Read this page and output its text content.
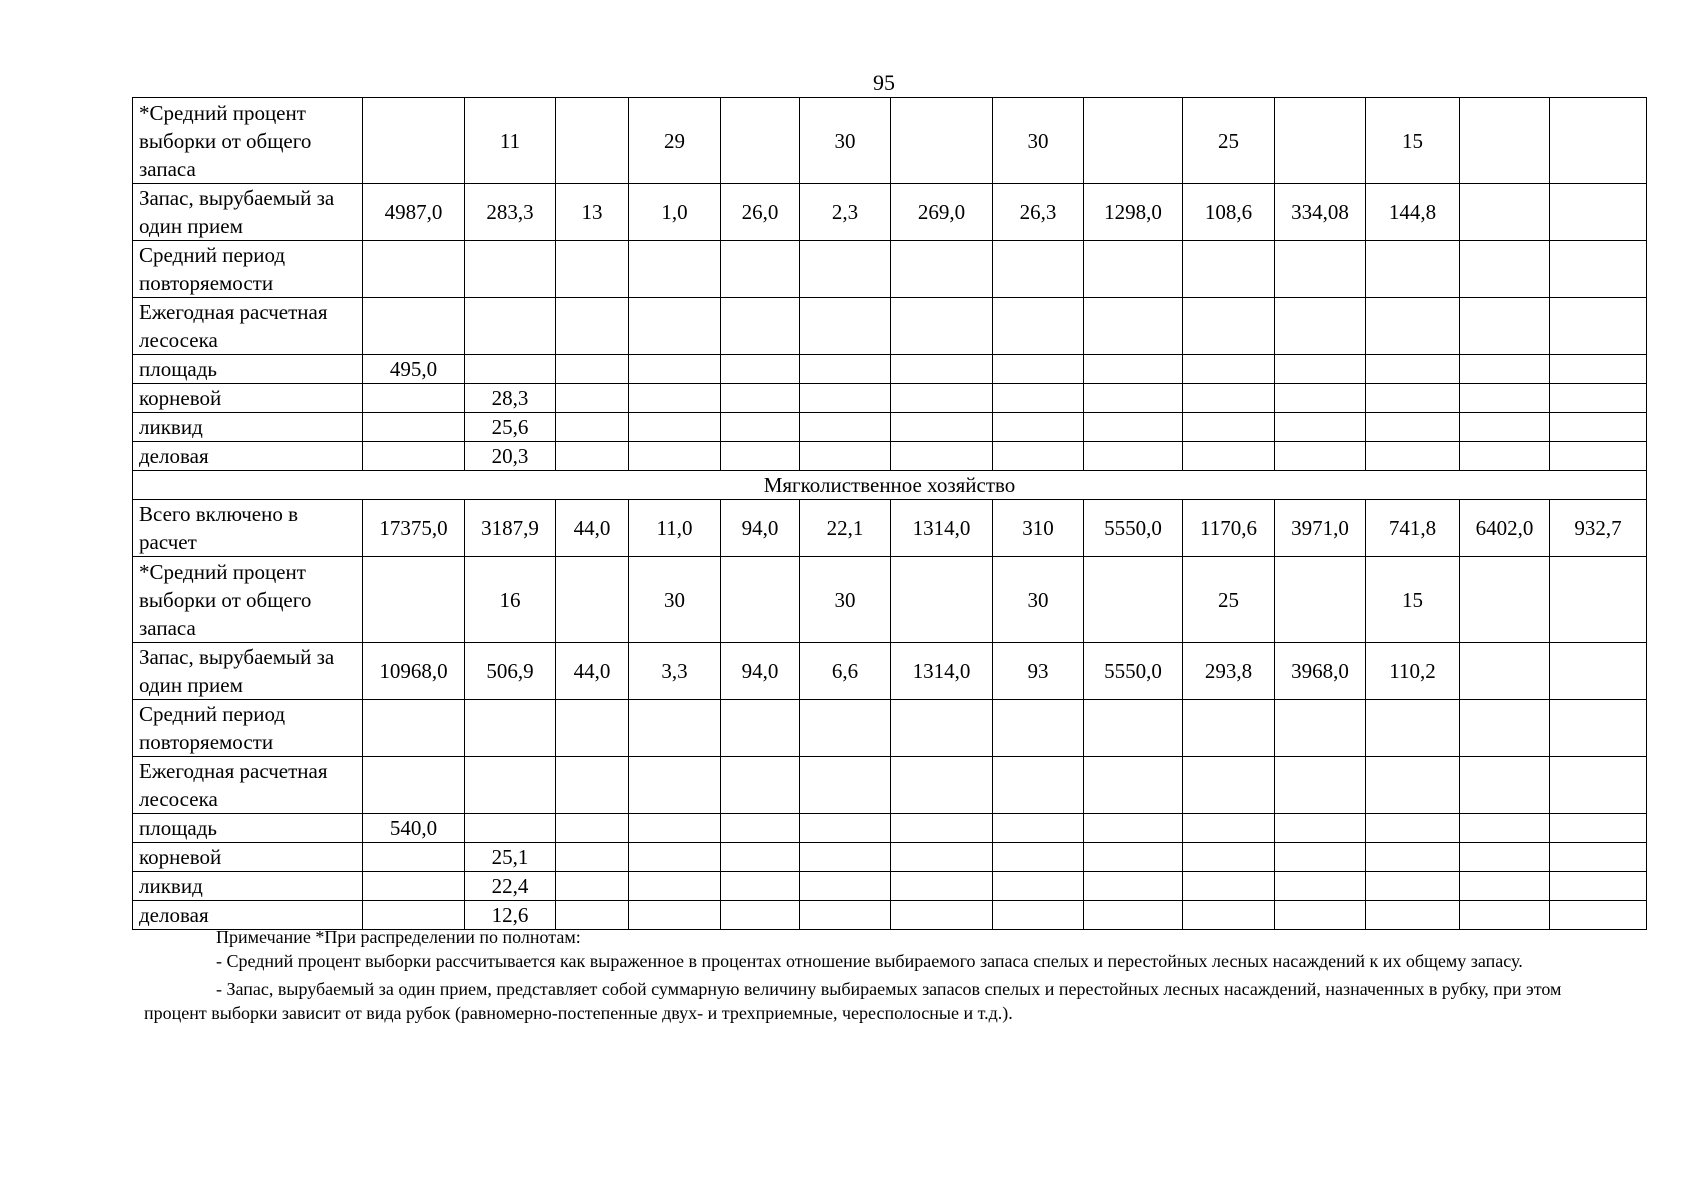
95
*Средний процент выборки от общего запаса		11		29		30		30		25		15		
Запас, вырубаемый за один прием	4987,0	283,3	13	1,0	26,0	2,3	269,0	26,3	1298,0	108,6	334,08	144,8		
Средний период повторяемости														
Ежегодная расчетная лесосека														
площадь	495,0													
корневой		28,3												
ликвид		25,6												
деловая		20,3												
Мягколиственное хозяйство														
Всего включено в расчет	17375,0	3187,9	44,0	11,0	94,0	22,1	1314,0	310	5550,0	1170,6	3971,0	741,8	6402,0	932,7
*Средний процент выборки от общего запаса		16		30		30		30		25		15		
Запас, вырубаемый за один прием	10968,0	506,9	44,0	3,3	94,0	6,6	1314,0	93	5550,0	293,8	3968,0	110,2		
Средний период повторяемости														
Ежегодная расчетная лесосека														
площадь	540,0													
корневой		25,1												
ликвид		22,4												
деловая		12,6												

Примечание *При распределении по полнотам:

- Средний процент выборки рассчитывается как выраженное в процентах отношение выбираемого запаса спелых и перестойных лесных насаждений к их общему запасу.

- Запас, вырубаемый за один прием, представляет собой суммарную величину выбираемых запасов спелых и перестойных лесных насаждений, назначенных в рубку, при этом процент выборки зависит от вида рубок (равномерно-постепенные двух- и трехприемные, чересполосные и т.д.).
